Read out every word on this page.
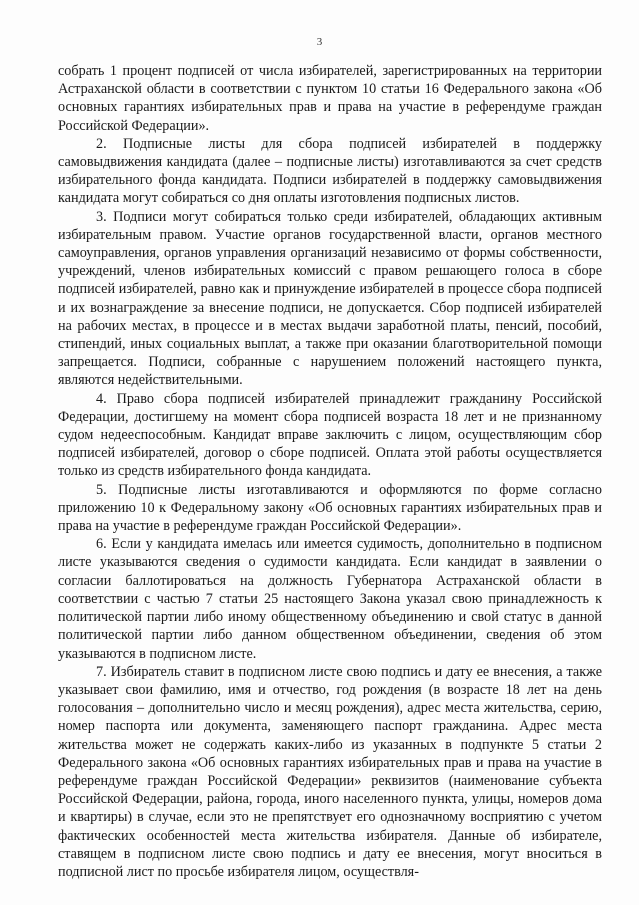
3

собрать 1 процент подписей от числа избирателей, зарегистрированных на территории Астраханской области в соответствии с пунктом 10 статьи 16 Федерального закона «Об основных гарантиях избирательных прав и права на участие в референдуме граждан Российской Федерации».

2. Подписные листы для сбора подписей избирателей в поддержку самовыдвижения кандидата (далее – подписные листы) изготавливаются за счет средств избирательного фонда кандидата. Подписи избирателей в поддержку самовыдвижения кандидата могут собираться со дня оплаты изготовления подписных листов.

3. Подписи могут собираться только среди избирателей, обладающих активным избирательным правом. Участие органов государственной власти, органов местного самоуправления, органов управления организаций независимо от формы собственности, учреждений, членов избирательных комиссий с правом решающего голоса в сборе подписей избирателей, равно как и принуждение избирателей в процессе сбора подписей и их вознаграждение за внесение подписи, не допускается. Сбор подписей избирателей на рабочих местах, в процессе и в местах выдачи заработной платы, пенсий, пособий, стипендий, иных социальных выплат, а также при оказании благотворительной помощи запрещается. Подписи, собранные с нарушением положений настоящего пункта, являются недействительными.

4. Право сбора подписей избирателей принадлежит гражданину Российской Федерации, достигшему на момент сбора подписей возраста 18 лет и не признанному судом недееспособным. Кандидат вправе заключить с лицом, осуществляющим сбор подписей избирателей, договор о сборе подписей. Оплата этой работы осуществляется только из средств избирательного фонда кандидата.

5. Подписные листы изготавливаются и оформляются по форме согласно приложению 10 к Федеральному закону «Об основных гарантиях избирательных прав и права на участие в референдуме граждан Российской Федерации».

6. Если у кандидата имелась или имеется судимость, дополнительно в подписном листе указываются сведения о судимости кандидата. Если кандидат в заявлении о согласии баллотироваться на должность Губернатора Астраханской области в соответствии с частью 7 статьи 25 настоящего Закона указал свою принадлежность к политической партии либо иному общественному объединению и свой статус в данной политической партии либо данном общественном объединении, сведения об этом указываются в подписном листе.

7. Избиратель ставит в подписном листе свою подпись и дату ее внесения, а также указывает свои фамилию, имя и отчество, год рождения (в возрасте 18 лет на день голосования – дополнительно число и месяц рождения), адрес места жительства, серию, номер паспорта или документа, заменяющего паспорт гражданина. Адрес места жительства может не содержать каких-либо из указанных в подпункте 5 статьи 2 Федерального закона «Об основных гарантиях избирательных прав и права на участие в референдуме граждан Российской Федерации» реквизитов (наименование субъекта Российской Федерации, района, города, иного населенного пункта, улицы, номеров дома и квартиры) в случае, если это не препятствует его однозначному восприятию с учетом фактических особенностей места жительства избирателя. Данные об избирателе, ставящем в подписном листе свою подпись и дату ее внесения, могут вноситься в подписной лист по просьбе избирателя лицом, осуществля-
